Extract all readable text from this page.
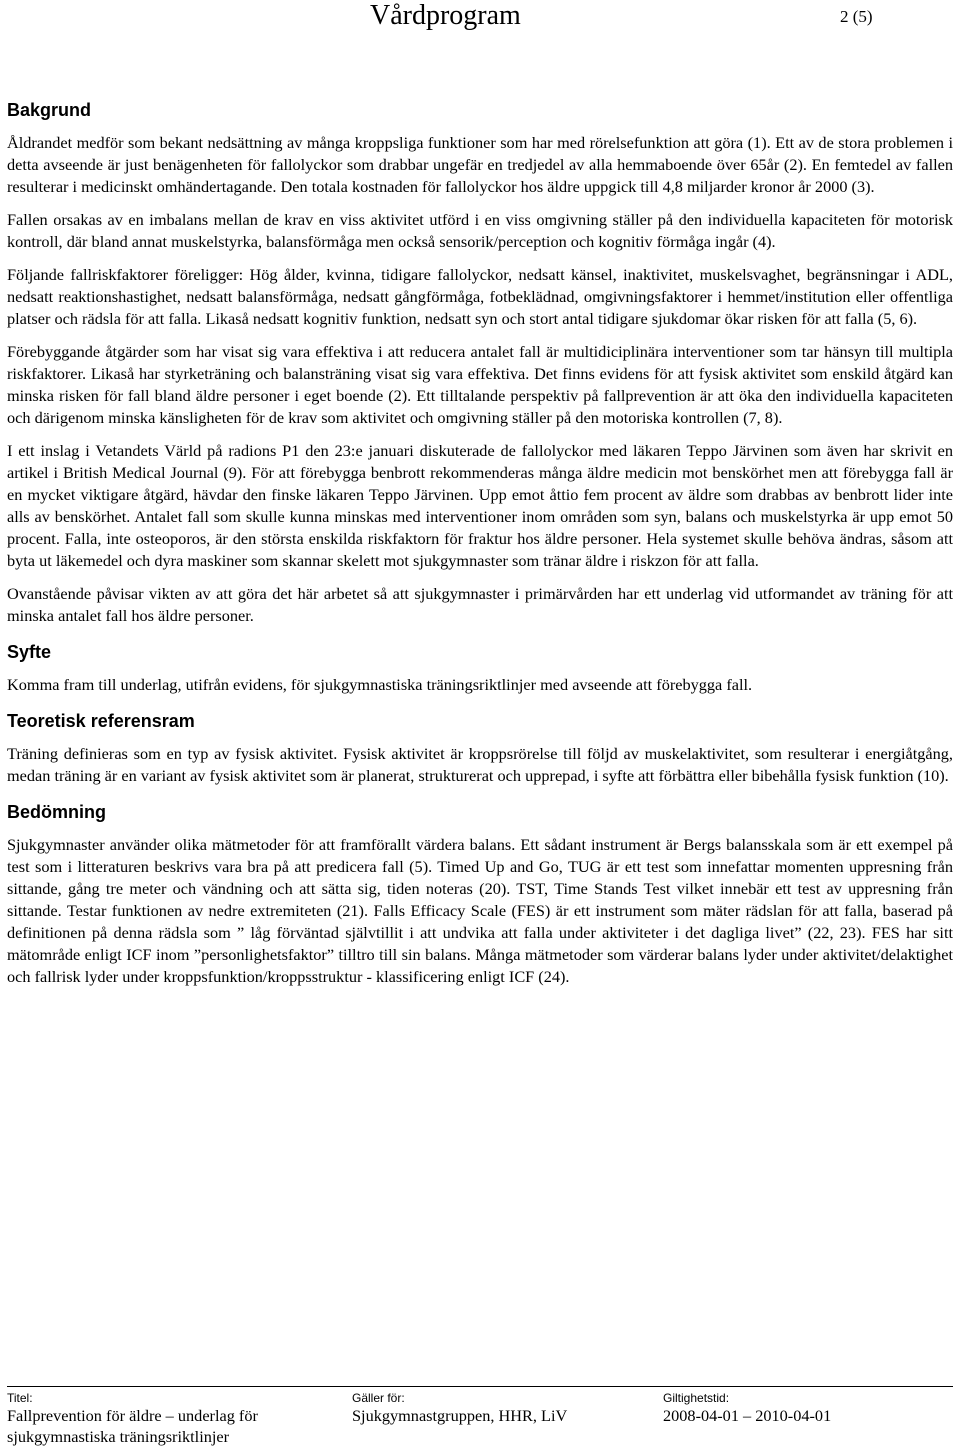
Vårdprogram	2 (5)
Bakgrund

Åldrandet medför som bekant nedsättning av många kroppsliga funktioner som har med rörelsefunktion att göra (1). Ett av de stora problemen i detta avseende är just benägenheten för fallolyckor som drabbar ungefär en tredjedel av alla hemmaboende över 65år (2). En femtedel av fallen resulterar i medicinskt omhändertagande. Den totala kostnaden för fallolyckor hos äldre uppgick till 4,8 miljarder kronor år 2000 (3).

Fallen orsakas av en imbalans mellan de krav en viss aktivitet utförd i en viss omgivning ställer på den individuella kapaciteten för motorisk kontroll, där bland annat muskelstyrka, balansförmåga men också sensorik/perception och kognitiv förmåga ingår (4).

Följande fallriskfaktorer föreligger: Hög ålder, kvinna, tidigare fallolyckor, nedsatt känsel, inaktivitet, muskelsvaghet, begränsningar i ADL, nedsatt reaktionshastighet, nedsatt balansförmåga, nedsatt gångförmåga, fotbeklädnad, omgivningsfaktorer i hemmet/institution eller offentliga platser och rädsla för att falla. Likaså nedsatt kognitiv funktion, nedsatt syn och stort antal tidigare sjukdomar ökar risken för att falla (5, 6).

Förebyggande åtgärder som har visat sig vara effektiva i att reducera antalet fall är multidiciplinära interventioner som tar hänsyn till multipla riskfaktorer. Likaså har styrketräning och balansträning visat sig vara effektiva. Det finns evidens för att fysisk aktivitet som enskild åtgärd kan minska risken för fall bland äldre personer i eget boende (2). Ett tilltalande perspektiv på fallprevention är att öka den individuella kapaciteten och därigenom minska känsligheten för de krav som aktivitet och omgivning ställer på den motoriska kontrollen (7, 8).

I ett inslag i Vetandets Värld på radions P1 den 23:e januari diskuterade de fallolyckor med läkaren Teppo Järvinen som även har skrivit en artikel i British Medical Journal (9). För att förebygga benbrott rekommenderas många äldre medicin mot benskörhet men att förebygga fall är en mycket viktigare åtgärd, hävdar den finske läkaren Teppo Järvinen. Upp emot åttio fem procent av äldre som drabbas av benbrott lider inte alls av benskörhet. Antalet fall som skulle kunna minskas med interventioner inom områden som syn, balans och muskelstyrka är upp emot 50 procent. Falla, inte osteoporos, är den största enskilda riskfaktorn för fraktur hos äldre personer. Hela systemet skulle behöva ändras, såsom att byta ut läkemedel och dyra maskiner som skannar skelett mot sjukgymnaster som tränar äldre i riskzon för att falla.

Ovanstående påvisar vikten av att göra det här arbetet så att sjukgymnaster i primärvården har ett underlag vid utformandet av träning för att minska antalet fall hos äldre personer.

Syfte

Komma fram till underlag, utifrån evidens, för sjukgymnastiska träningsriktlinjer med avseende att förebygga fall.

Teoretisk referensram

Träning definieras som en typ av fysisk aktivitet. Fysisk aktivitet är kroppsrörelse till följd av muskelaktivitet, som resulterar i energiåtgång, medan träning är en variant av fysisk aktivitet som är planerat, strukturerat och upprepad, i syfte att förbättra eller bibehålla fysisk funktion (10).

Bedömning

Sjukgymnaster använder olika mätmetoder för att framförallt värdera balans. Ett sådant instrument är Bergs balansskala som är ett exempel på test som i litteraturen beskrivs vara bra på att predicera fall (5). Timed Up and Go, TUG är ett test som innefattar momenten uppresning från sittande, gång tre meter och vändning och att sätta sig, tiden noteras (20). TST, Time Stands Test vilket innebär ett test av uppresning från sittande. Testar funktionen av nedre extremiteten (21). Falls Efficacy Scale (FES) är ett instrument som mäter rädslan för att falla, baserad på definitionen på denna rädsla som ” låg förväntad självtillit i att undvika att falla under aktiviteter i det dagliga livet” (22, 23). FES har sitt mätområde enligt ICF inom ”personlighetsfaktor” tilltro till sin balans. Många mätmetoder som värderar balans lyder under aktivitet/delaktighet och fallrisk lyder under kroppsfunktion/kroppsstruktur - klassificering enligt ICF (24).

Titel:
Fallprevention för äldre – underlag för sjukgymnastiska träningsriktlinjer
Gäller för:
Sjukgymnastgruppen, HHR, LiV
Giltighetstid:
2008-04-01 – 2010-04-01
